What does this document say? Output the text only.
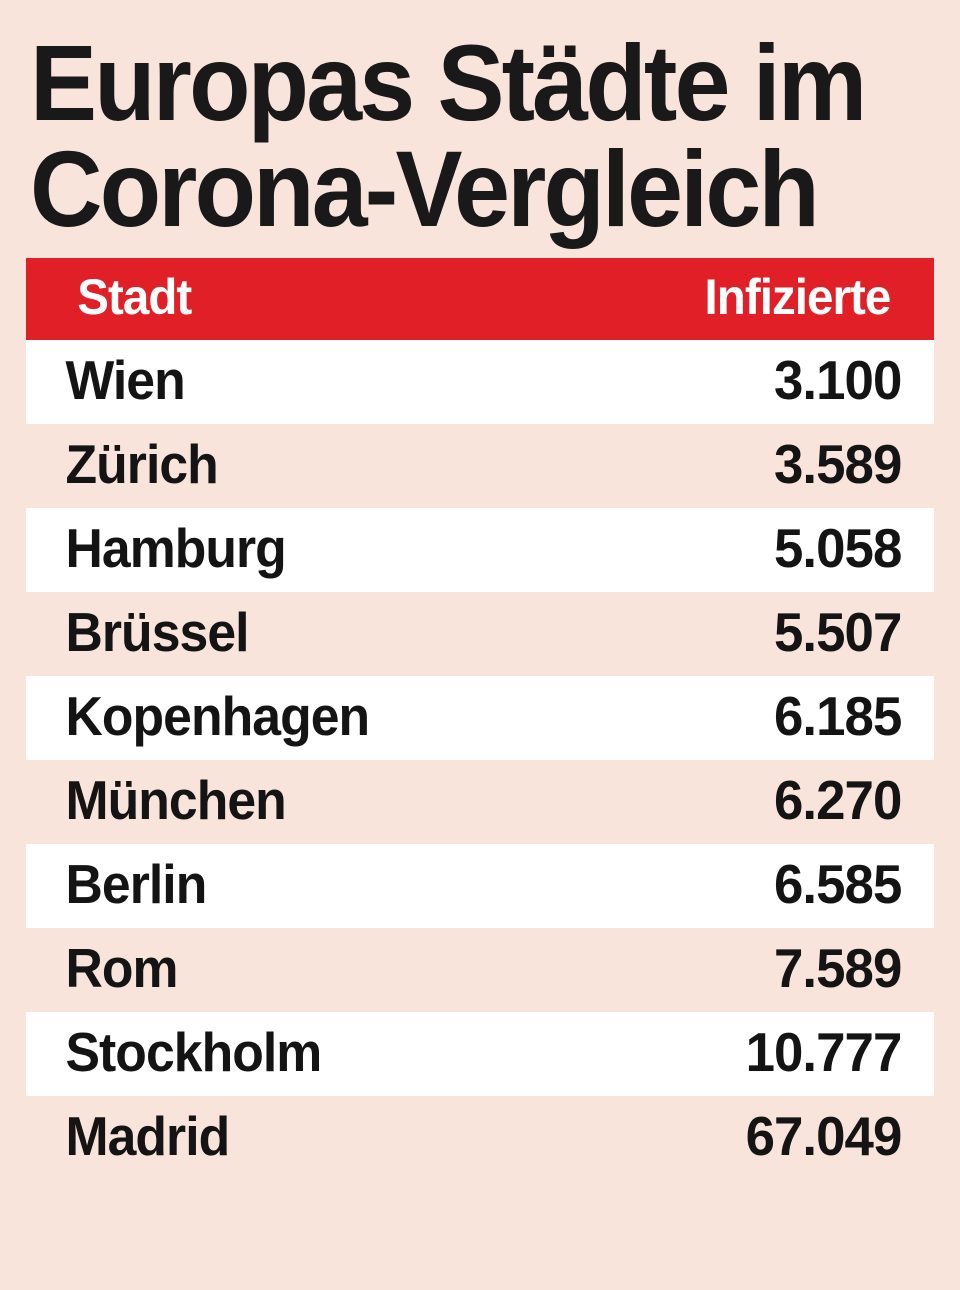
Europas Städte im
Corona-Vergleich
Stadt	Infizierte
Wien	3.100
Zürich	3.589
Hamburg	5.058
Brüssel	5.507
Kopenhagen	6.185
München	6.270
Berlin	6.585
Rom	7.589
Stockholm	10.777
Madrid	67.049
